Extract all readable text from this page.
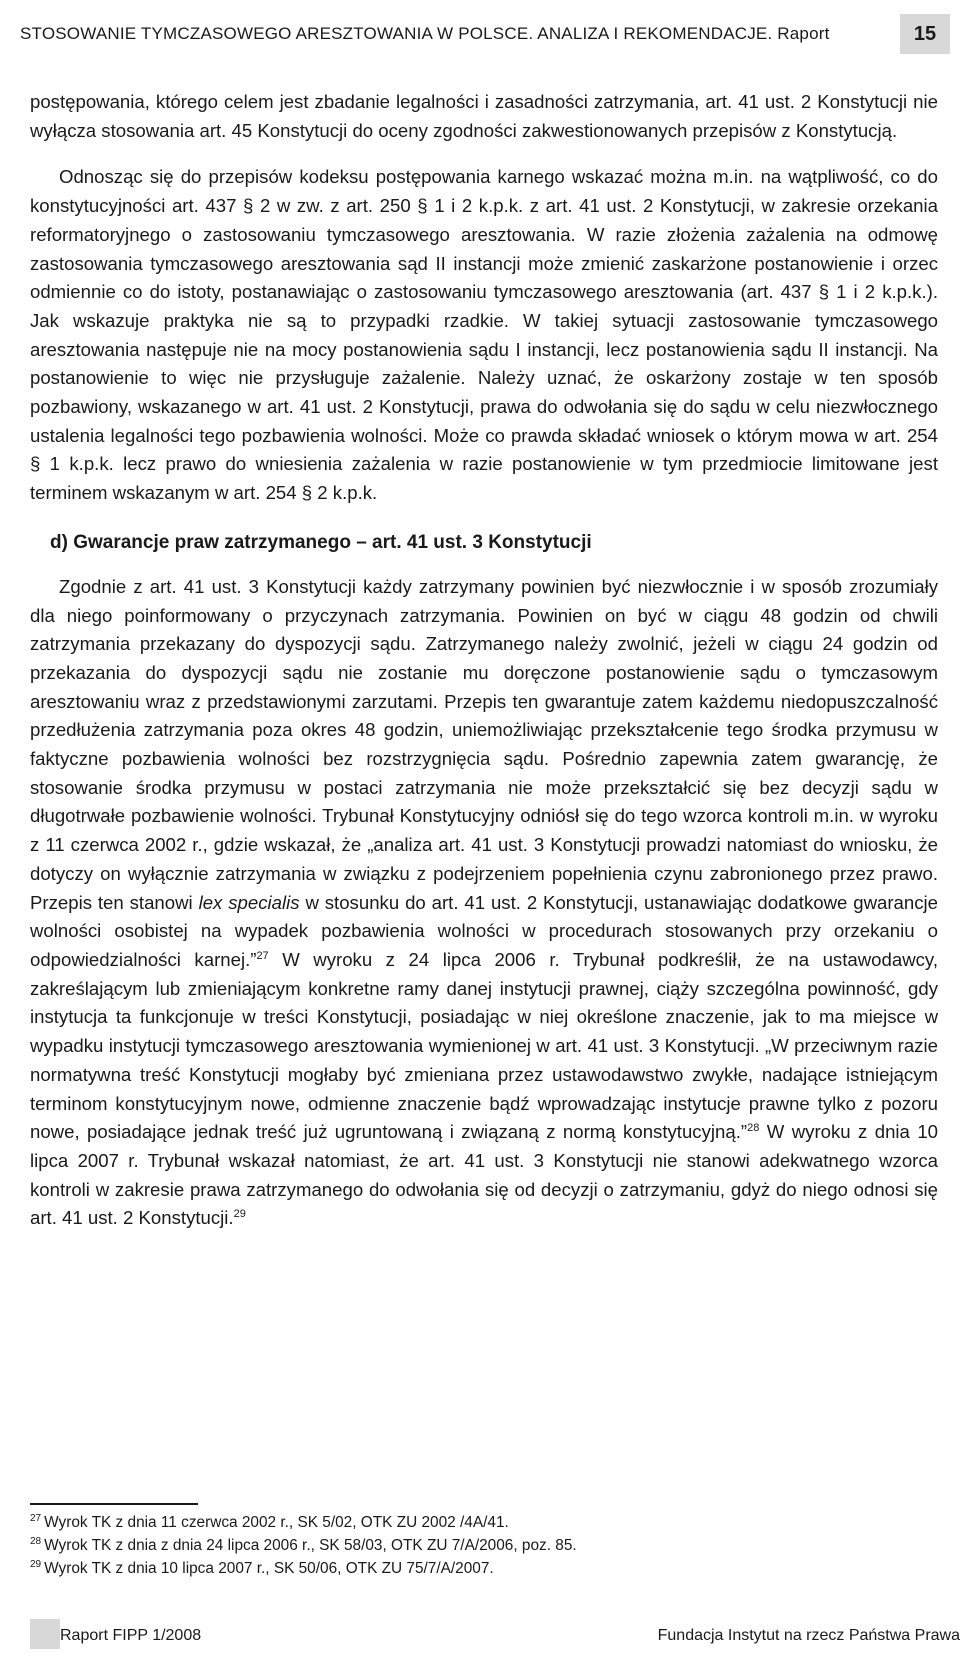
STOSOWANIE TYMCZASOWEGO ARESZTOWANIA W POLSCE. ANALIZA I REKOMENDACJE. Raport	15

postępowania, którego celem jest zbadanie legalności i zasadności zatrzymania, art. 41 ust. 2 Konstytucji nie wyłącza stosowania art. 45 Konstytucji do oceny zgodności zakwestionowanych przepisów z Konstytucją.

Odnosząc się do przepisów kodeksu postępowania karnego wskazać można m.in. na wątpliwość, co do konstytucyjności art. 437 § 2 w zw. z art. 250 § 1 i 2 k.p.k. z art. 41 ust. 2 Konstytucji, w zakresie orzekania reformatoryjnego o zastosowaniu tymczasowego aresztowania. W razie złożenia zażalenia na odmowę zastosowania tymczasowego aresztowania sąd II instancji może zmienić zaskarżone postanowienie i orzec odmiennie co do istoty, postanawiając o zastosowaniu tymczasowego aresztowania (art. 437 § 1 i 2 k.p.k.). Jak wskazuje praktyka nie są to przypadki rzadkie. W takiej sytuacji zastosowanie tymczasowego aresztowania następuje nie na mocy postanowienia sądu I instancji, lecz postanowienia sądu II instancji. Na postanowienie to więc nie przysługuje zażalenie. Należy uznać, że oskarżony zostaje w ten sposób pozbawiony, wskazanego w art. 41 ust. 2 Konstytucji, prawa do odwołania się do sądu w celu niezwłocznego ustalenia legalności tego pozbawienia wolności. Może co prawda składać wniosek o którym mowa w art. 254 § 1 k.p.k. lecz prawo do wniesienia zażalenia w razie postanowienie w tym przedmiocie limitowane jest terminem wskazanym w art. 254 § 2 k.p.k.

d) Gwarancje praw zatrzymanego – art. 41 ust. 3 Konstytucji

Zgodnie z art. 41 ust. 3 Konstytucji każdy zatrzymany powinien być niezwłocznie i w sposób zrozumiały dla niego poinformowany o przyczynach zatrzymania. Powinien on być w ciągu 48 godzin od chwili zatrzymania przekazany do dyspozycji sądu. Zatrzymanego należy zwolnić, jeżeli w ciągu 24 godzin od przekazania do dyspozycji sądu nie zostanie mu doręczone postanowienie sądu o tymczasowym aresztowaniu wraz z przedstawionymi zarzutami. Przepis ten gwarantuje zatem każdemu niedopuszczalność przedłużenia zatrzymania poza okres 48 godzin, uniemożliwiając przekształcenie tego środka przymusu w faktyczne pozbawienia wolności bez rozstrzygnięcia sądu. Pośrednio zapewnia zatem gwarancję, że stosowanie środka przymusu w postaci zatrzymania nie może przekształcić się bez decyzji sądu w długotrwałe pozbawienie wolności. Trybunał Konstytucyjny odniósł się do tego wzorca kontroli m.in. w wyroku z 11 czerwca 2002 r., gdzie wskazał, że „analiza art. 41 ust. 3 Konstytucji prowadzi natomiast do wniosku, że dotyczy on wyłącznie zatrzymania w związku z podejrzeniem popełnienia czynu zabronionego przez prawo. Przepis ten stanowi lex specialis w stosunku do art. 41 ust. 2 Konstytucji, ustanawiając dodatkowe gwarancje wolności osobistej na wypadek pozbawienia wolności w procedurach stosowanych przy orzekaniu o odpowiedzialności karnej.”$^{27}$ W wyroku z 24 lipca 2006 r. Trybunał podkreślił, że na ustawodawcy, zakreślającym lub zmieniającym konkretne ramy danej instytucji prawnej, ciąży szczególna powinność, gdy instytucja ta funkcjonuje w treści Konstytucji, posiadając w niej określone znaczenie, jak to ma miejsce w wypadku instytucji tymczasowego aresztowania wymienionej w art. 41 ust. 3 Konstytucji. „W przeciwnym razie normatywna treść Konstytucji mogłaby być zmieniana przez ustawodawstwo zwykłe, nadające istniejącym terminom konstytucyjnym nowe, odmienne znaczenie bądź wprowadzając instytucje prawne tylko z pozoru nowe, posiadające jednak treść już ugruntowaną i związaną z normą konstytucyjną.”$^{28}$ W wyroku z dnia 10 lipca 2007 r. Trybunał wskazał natomiast, że art. 41 ust. 3 Konstytucji nie stanowi adekwatnego wzorca kontroli w zakresie prawa zatrzymanego do odwołania się od decyzji o zatrzymaniu, gdyż do niego odnosi się art. 41 ust. 2 Konstytucji.$^{29}$

$^{27}$ Wyrok TK z dnia 11 czerwca 2002 r., SK 5/02, OTK ZU 2002 /4A/41.
$^{28}$ Wyrok TK z dnia z dnia 24 lipca 2006 r., SK 58/03, OTK ZU 7/A/2006, poz. 85.
$^{29}$ Wyrok TK z dnia 10 lipca 2007 r., SK 50/06, OTK ZU 75/7/A/2007.
Raport FIPP 1/2008	Fundacja Instytut na rzecz Państwa Prawa
